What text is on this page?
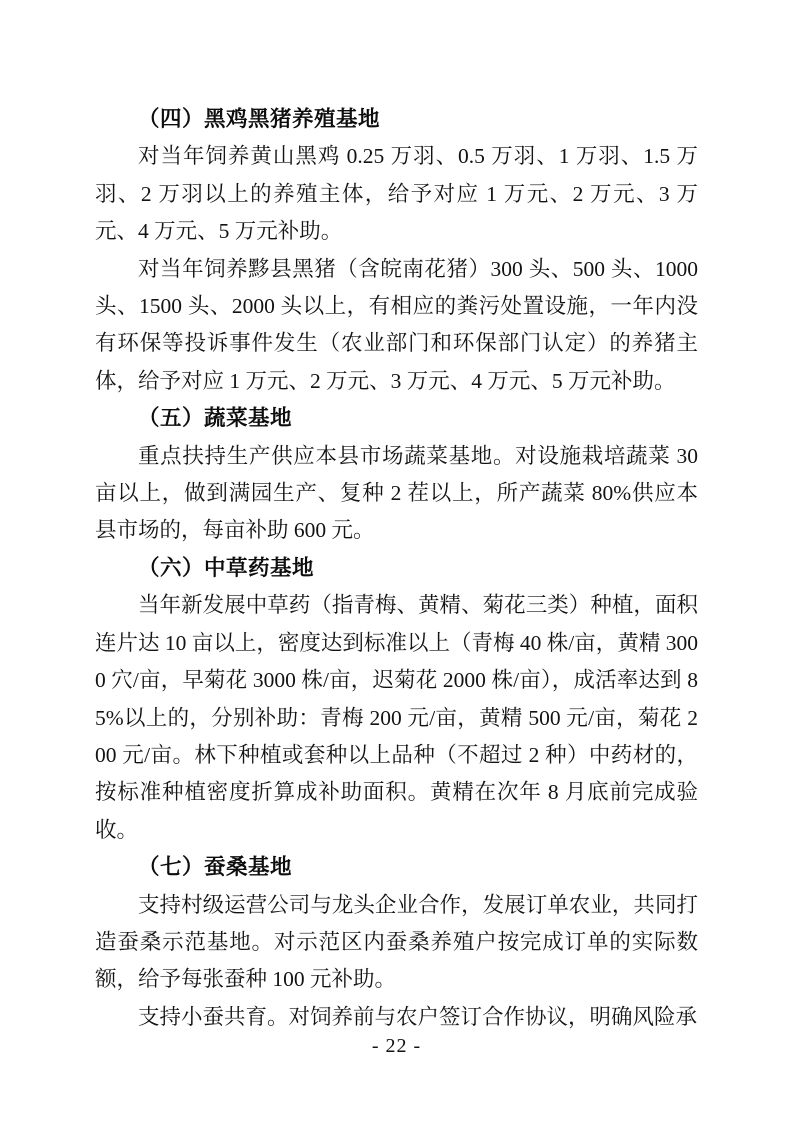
（四）黑鸡黑猪养殖基地

对当年饲养黄山黑鸡 0.25 万羽、0.5 万羽、1 万羽、1.5 万羽、2 万羽以上的养殖主体，给予对应 1 万元、2 万元、3 万元、4 万元、5 万元补助。

对当年饲养黟县黑猪（含皖南花猪）300 头、500 头、1000 头、1500 头、2000 头以上，有相应的粪污处置设施，一年内没有环保等投诉事件发生（农业部门和环保部门认定）的养猪主体，给予对应 1 万元、2 万元、3 万元、4 万元、5 万元补助。

（五）蔬菜基地

重点扶持生产供应本县市场蔬菜基地。对设施栽培蔬菜 30 亩以上，做到满园生产、复种 2 茬以上，所产蔬菜 80%供应本县市场的，每亩补助 600 元。

（六）中草药基地

当年新发展中草药（指青梅、黄精、菊花三类）种植，面积连片达 10 亩以上，密度达到标准以上（青梅 40 株/亩，黄精 3000 穴/亩，早菊花 3000 株/亩，迟菊花 2000 株/亩），成活率达到 85%以上的，分别补助：青梅 200 元/亩，黄精 500 元/亩，菊花 200 元/亩。林下种植或套种以上品种（不超过 2 种）中药材的，按标准种植密度折算成补助面积。黄精在次年 8 月底前完成验收。

（七）蚕桑基地

支持村级运营公司与龙头企业合作，发展订单农业，共同打造蚕桑示范基地。对示范区内蚕桑养殖户按完成订单的实际数额，给予每张蚕种 100 元补助。

支持小蚕共育。对饲养前与农户签订合作协议，明确风险承

- 22 -
